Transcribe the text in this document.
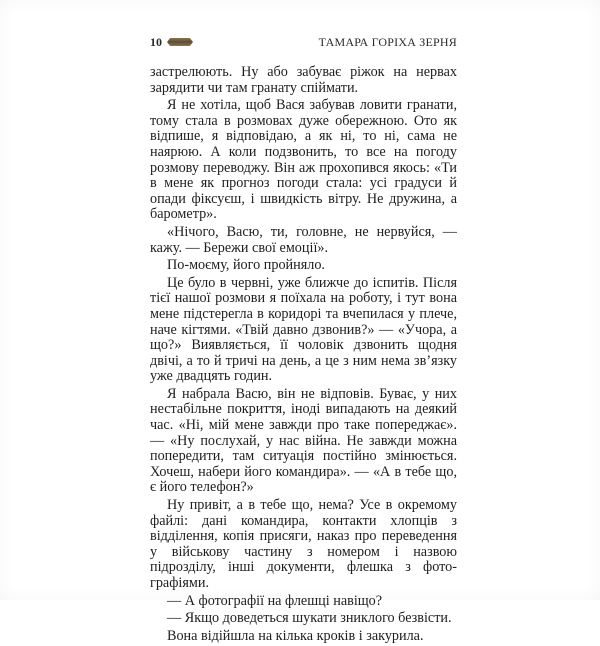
10	ТАМАРА ГОРІХА ЗЕРНЯ

застрелюють. Ну або забуває ріжок на нервах зарядити чи там гранату спіймати.

Я не хотіла, щоб Вася забував ловити гранати, тому стала в розмовах дуже обережною. Ото як відпише, я відповідаю, а як ні, то ні, сама не наярюю. А коли подзвонить, то все на погоду розмову переводжу. Він аж прохопився якось: «Ти в мене як прогноз погоди стала: усі градуси й опади фіксуєш, і швидкість вітру. Не дружина, а барометр».

«Нічого, Васю, ти, головне, не нервуйся, — кажу. — Бережи свої емоції».

По-моєму, його пройняло.

Це було в червні, уже ближче до іспитів. Після тієї нашої розмови я поїхала на роботу, і тут вона мене підстерегла в коридорі та вчепилася у плече, наче кігтями. «Твій давно дзвонив?» — «Учора, а що?» Виявляється, її чоловік дзвонить щодня двічі, а то й тричі на день, а це з ним нема зв’язку уже двадцять годин.

Я набрала Васю, він не відповів. Буває, у них нестабільне покриття, іноді випадають на деякий час. «Ні, мій мене завжди про таке попереджає». — «Ну послухай, у нас війна. Не завжди можна попередити, там ситуація постійно змінюється. Хочеш, набери його командира». — «А в тебе що, є його телефон?»

Ну привіт, а в тебе що, нема? Усе в окремому файлі: дані командира, контакти хлопців з відділення, копія присяги, наказ про переведення у військову частину з номером і назвою підрозділу, інші документи, флешка з фотографіями.

— А фотографії на флешці навіщо?

— Якщо доведеться шукати зниклого безвісти.

Вона відійшла на кілька кроків і закурила.
